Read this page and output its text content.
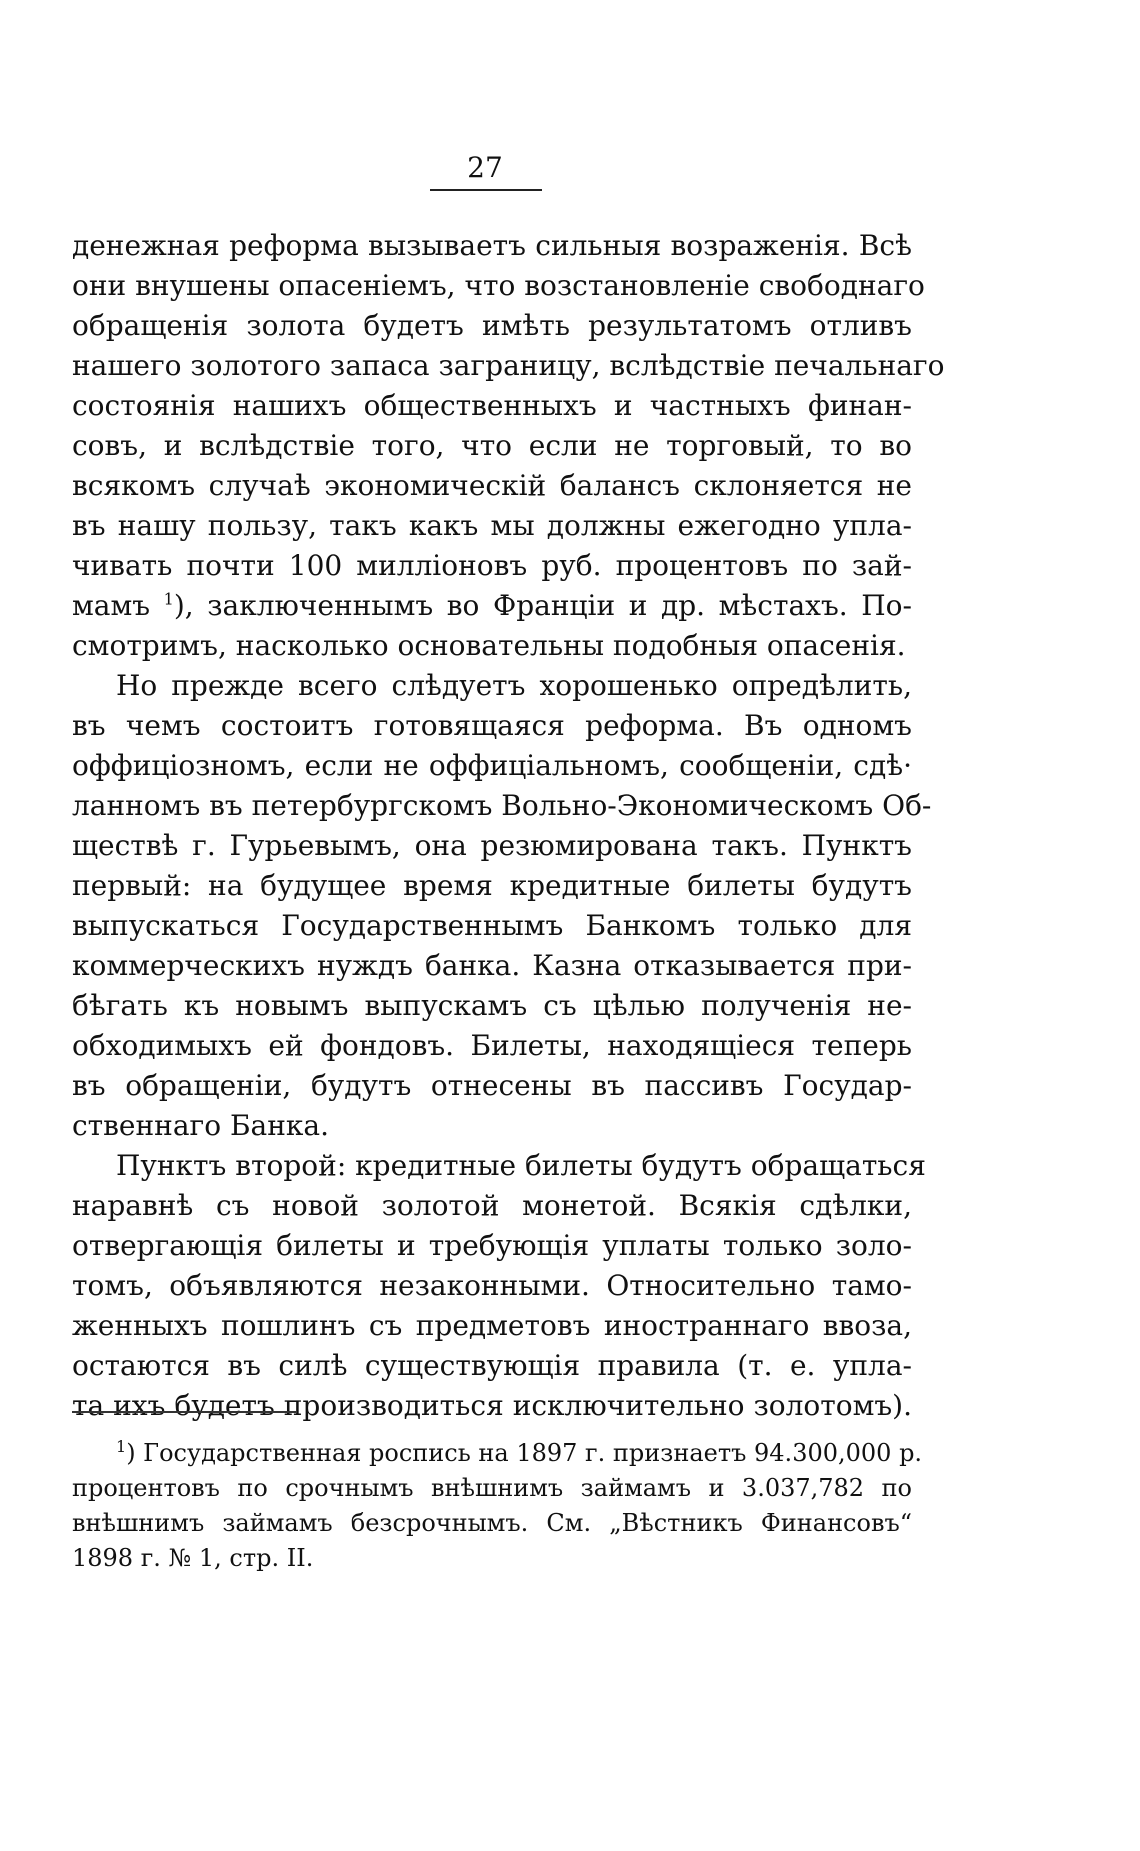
27
денежная реформа вызываетъ сильныя возраженія. Всѣ
они внушены опасеніемъ, что возстановленіе свободнаго
обращенія золота будетъ имѣть результатомъ отливъ
нашего золотого запаса заграницу, вслѣдствіе печальнаго
состоянія нашихъ общественныхъ и частныхъ финан-
совъ, и вслѣдствіе того, что если не торговый, то во
всякомъ случаѣ экономическій балансъ склоняется не
въ нашу пользу, такъ какъ мы должны ежегодно упла-
чивать почти 100 милліоновъ руб. процентовъ по зай-
мамъ $^1$), заключеннымъ во Франціи и др. мѣстахъ. По-
смотримъ, насколько основательны подобныя опасенія.
Но прежде всего слѣдуетъ хорошенько опредѣлить,
въ чемъ состоитъ готовящаяся реформа. Въ одномъ
оффиціозномъ, если не оффиціальномъ, сообщеніи, сдѣ·
ланномъ въ петербургскомъ Вольно-Экономическомъ Об-
ществѣ г. Гурьевымъ, она резюмирована такъ. Пунктъ
первый: на будущее время кредитные билеты будутъ
выпускаться Государственнымъ Банкомъ только для
коммерческихъ нуждъ банка. Казна отказывается при-
бѣгать къ новымъ выпускамъ съ цѣлью полученія не-
обходимыхъ ей фондовъ. Билеты, находящіеся теперь
въ обращеніи, будутъ отнесены въ пассивъ Государ-
ственнаго Банка.
Пунктъ второй: кредитные билеты будутъ обращаться
наравнѣ съ новой золотой монетой. Всякія сдѣлки,
отвергающія билеты и требующія уплаты только золо-
томъ, объявляются незаконными. Относительно тамо-
женныхъ пошлинъ съ предметовъ иностраннаго ввоза,
остаются въ силѣ существующія правила (т. е. упла-
та ихъ будетъ производиться исключительно золотомъ).
$^1$) Государственная роспись на 1897 г. признаетъ 94.300,000 р.
процентовъ по срочнымъ внѣшнимъ займамъ и 3.037,782 по
внѣшнимъ займамъ безсрочнымъ. См. „Вѣстникъ Финансовъ“
1898 г. № 1, стр. II.
